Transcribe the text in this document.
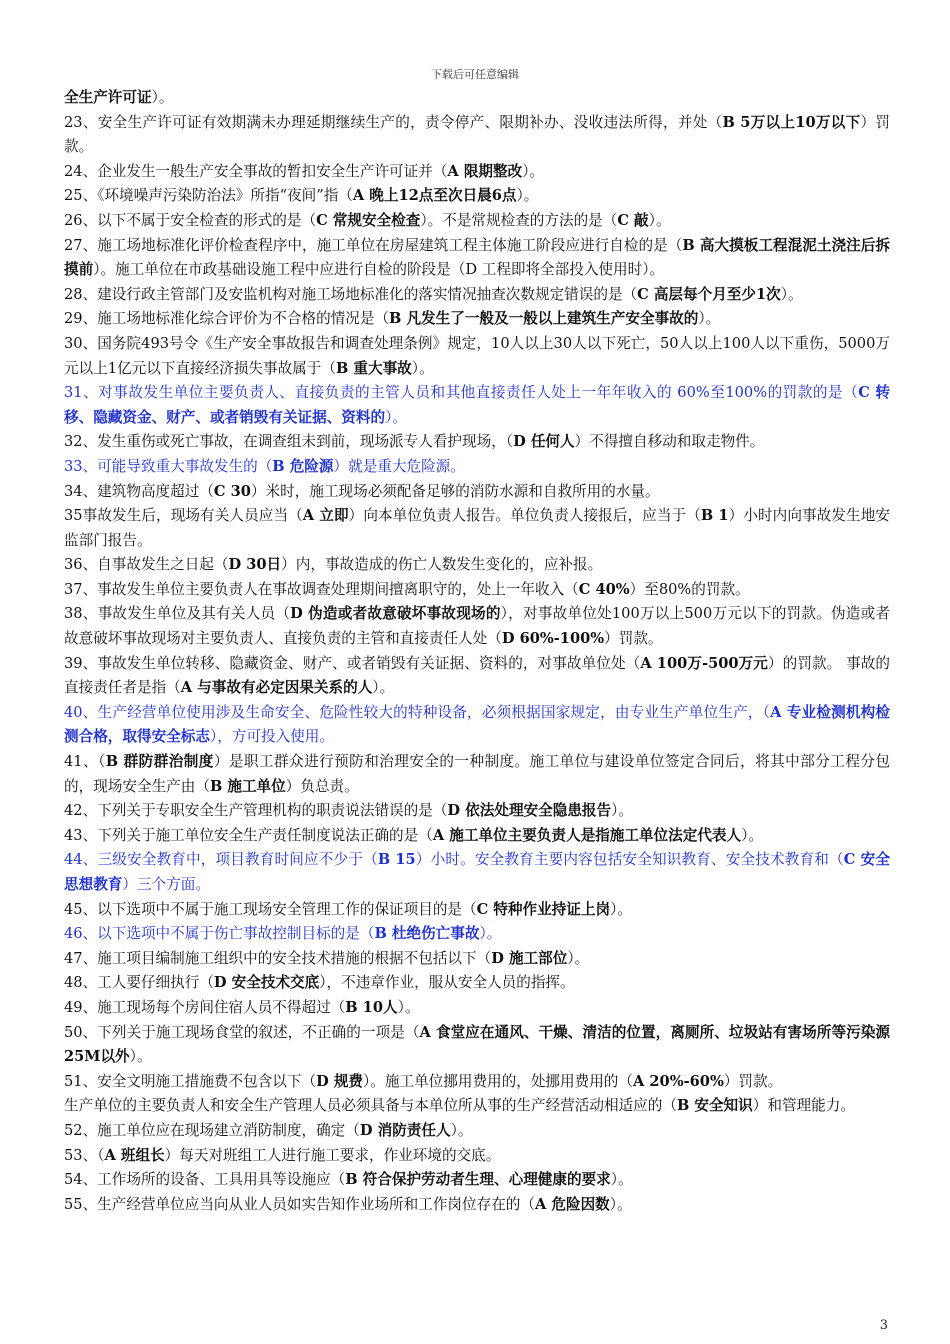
下载后可任意编辑

全生产许可证）。

23、安全生产许可证有效期满未办理延期继续生产的，责令停产、限期补办、没收违法所得，并处（B 5万以上10万以下）罚款。

24、企业发生一般生产安全事故的暂扣安全生产许可证并（A 限期整改）。

25、《环境噪声污染防治法》所指“夜间”指（A 晚上12点至次日晨6点）。

26、以下不属于安全检查的形式的是（C 常规安全检查）。不是常规检查的方法的是（C 敲）。

27、施工场地标准化评价检查程序中，施工单位在房屋建筑工程主体施工阶段应进行自检的是（B 高大摸板工程混泥土浇注后拆摸前）。施工单位在市政基础设施工程中应进行自检的阶段是（D 工程即将全部投入使用时）。

28、建设行政主管部门及安监机构对施工场地标准化的落实情况抽查次数规定错误的是（C 高层每个月至少1次）。

29、施工场地标准化综合评价为不合格的情况是（B 凡发生了一般及一般以上建筑生产安全事故的）。

30、国务院493号令《生产安全事故报告和调查处理条例》规定，10人以上30人以下死亡，50人以上100人以下重伤，5000万元以上1亿元以下直接经济损失事故属于（B 重大事故）。

31、对事故发生单位主要负责人、直接负责的主管人员和其他直接责任人处上一年年收入的 60%至100%的罚款的是（C 转移、隐藏资金、财产、或者销毁有关证据、资料的）。

32、发生重伤或死亡事故，在调查组未到前，现场派专人看护现场，（D 任何人）不得擅自移动和取走物件。

33、可能导致重大事故发生的（B 危险源）就是重大危险源。

34、建筑物高度超过（C 30）米时，施工现场必须配备足够的消防水源和自救所用的水量。

35事故发生后，现场有关人员应当（A 立即）向本单位负责人报告。单位负责人接报后，应当于（B 1）小时内向事故发生地安监部门报告。

36、自事故发生之日起（D 30日）内，事故造成的伤亡人数发生变化的，应补报。

37、事故发生单位主要负责人在事故调查处理期间擅离职守的，处上一年收入（C 40%）至80%的罚款。

38、事故发生单位及其有关人员（D 伪造或者故意破坏事故现场的），对事故单位处100万以上500万元以下的罚款。伪造或者故意破坏事故现场对主要负责人、直接负责的主管和直接责任人处（D 60%-100%）罚款。

39、事故发生单位转移、隐藏资金、财产、或者销毁有关证据、资料的，对事故单位处（A 100万-500万元）的罚款。 事故的直接责任者是指（A 与事故有必定因果关系的人）。

40、生产经营单位使用涉及生命安全、危险性较大的特种设备，必须根据国家规定，由专业生产单位生产，（A 专业检测机构检测合格，取得安全标志），方可投入使用。

41、（B 群防群治制度）是职工群众进行预防和治理安全的一种制度。施工单位与建设单位签定合同后，将其中部分工程分包的，现场安全生产由（B 施工单位）负总责。

42、下列关于专职安全生产管理机构的职责说法错误的是（D 依法处理安全隐患报告）。

43、下列关于施工单位安全生产责任制度说法正确的是（A 施工单位主要负责人是指施工单位法定代表人）。

44、三级安全教育中，项目教育时间应不少于（B 15）小时。安全教育主要内容包括安全知识教育、安全技术教育和（C 安全思想教育）三个方面。

45、以下选项中不属于施工现场安全管理工作的保证项目的是（C 特种作业持证上岗）。

46、以下选项中不属于伤亡事故控制目标的是（B 杜绝伤亡事故）。

47、施工项目编制施工组织中的安全技术措施的根据不包括以下（D 施工部位）。

48、工人要仔细执行（D 安全技术交底），不违章作业，服从安全人员的指挥。

49、施工现场每个房间住宿人员不得超过（B 10人）。

50、下列关于施工现场食堂的叙述，不正确的一项是（A 食堂应在通风、干燥、清洁的位置，离厕所、垃圾站有害场所等污染源25M以外）。

51、安全文明施工措施费不包含以下（D 规费）。施工单位挪用费用的，处挪用费用的（A 20%-60%）罚款。

生产单位的主要负责人和安全生产管理人员必须具备与本单位所从事的生产经营活动相适应的（B 安全知识）和管理能力。

52、施工单位应在现场建立消防制度，确定（D 消防责任人）。

53、（A 班组长）每天对班组工人进行施工要求，作业环境的交底。

54、工作场所的设备、工具用具等设施应（B 符合保护劳动者生理、心理健康的要求）。

55、生产经营单位应当向从业人员如实告知作业场所和工作岗位存在的（A 危险因数）。

3
